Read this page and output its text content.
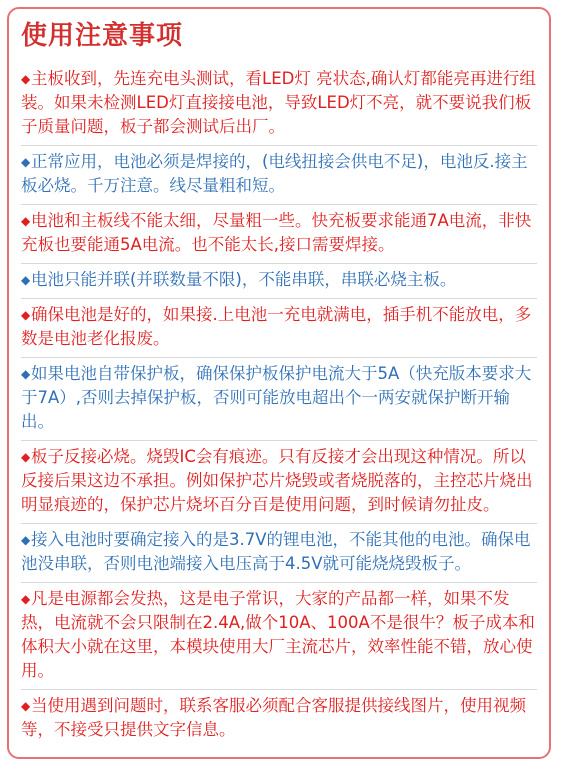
使用注意事项
◆主板收到，先连充电头测试，看LED灯 亮状态,确认灯都能亮再进行组装。如果未检测LED灯直接接电池，导致LED灯不亮，就不要说我们板子质量问题，板子都会测试后出厂。
◆正常应用，电池必须是焊接的，(电线扭接会供电不足)，电池反.接主板必烧。千万注意。线尽量粗和短。
◆电池和主板线不能太细，尽量粗一些。快充板要求能通7A电流，非快充板也要能通5A电流。也不能太长,接口需要焊接。
◆电池只能并联(并联数量不限)，不能串联，串联必烧主板。
◆确保电池是好的，如果接.上电池一充电就满电，插手机不能放电，多数是电池老化报废。
◆如果电池自带保护板，确保保护板保护电流大于5A（快充版本要求大于7A）,否则去掉保护板，否则可能放电超出个一两安就保护断开输出。
◆板子反接必烧。烧毁IC会有痕迹。只有反接才会出现这种情况。所以反接后果这边不承担。例如保护芯片烧毁或者烧脱落的，主控芯片烧出明显痕迹的，保护芯片烧坏百分百是使用问题，到时候请勿扯皮。
◆接入电池时要确定接入的是3.7V的锂电池，不能其他的电池。确保电池没串联，否则电池端接入电压高于4.5V就可能烧烧毁板子。
◆凡是电源都会发热，这是电子常识，大家的产品都一样，如果不发热，电流就不会只限制在2.4A,做个10A、100A不是很牛？板子成本和体积大小就在这里，本模块使用大厂主流芯片，效率性能不错，放心使用。
◆当使用遇到问题时，联系客服必须配合客服提供接线图片，使用视频等，不接受只提供文字信息。
